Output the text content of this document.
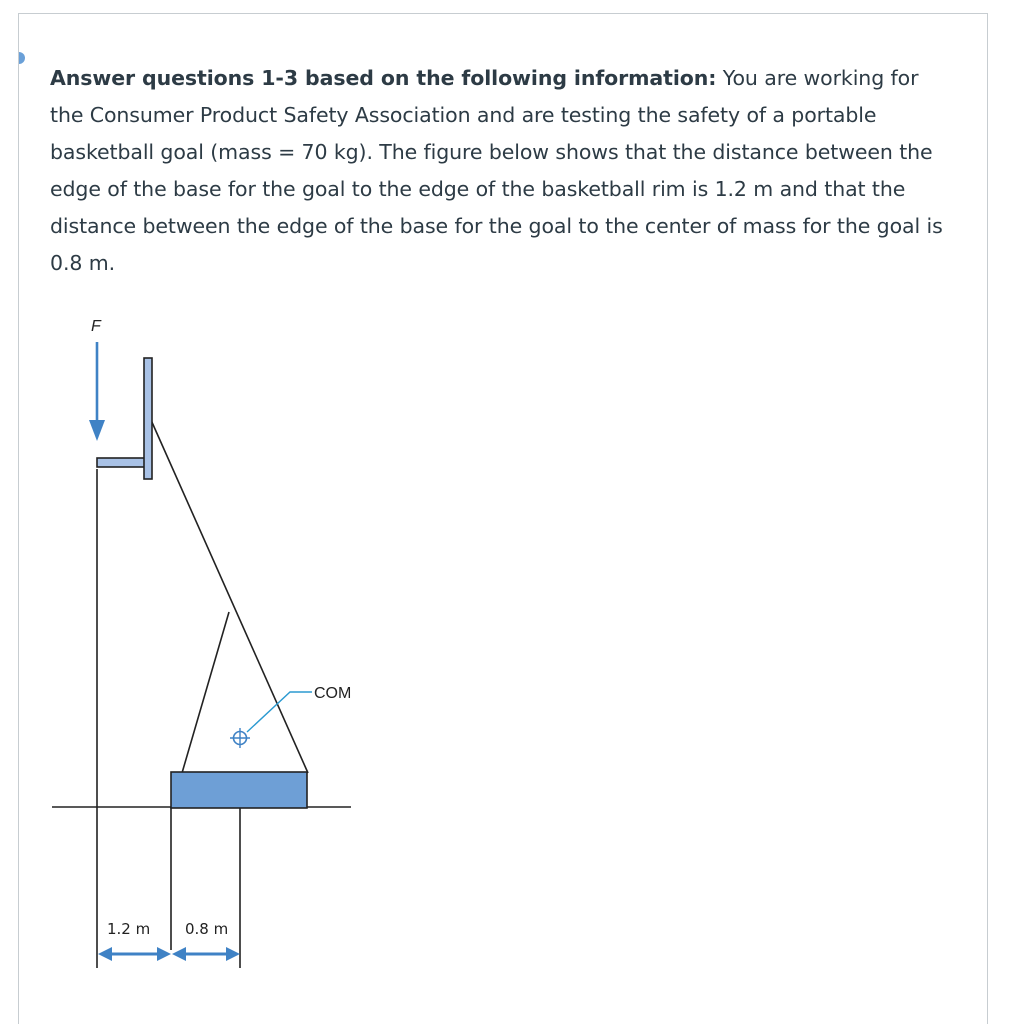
Answer questions 1-3 based on the following information: You are working for the Consumer Product Safety Association and are testing the safety of a portable basketball goal (mass = 70 kg). The figure below shows that the distance between the edge of the base for the goal to the edge of the basketball rim is 1.2 m and that the distance between the edge of the base for the goal to the center of mass for the goal is 0.8 m.

F
COM
1.2 m 0.8 m
